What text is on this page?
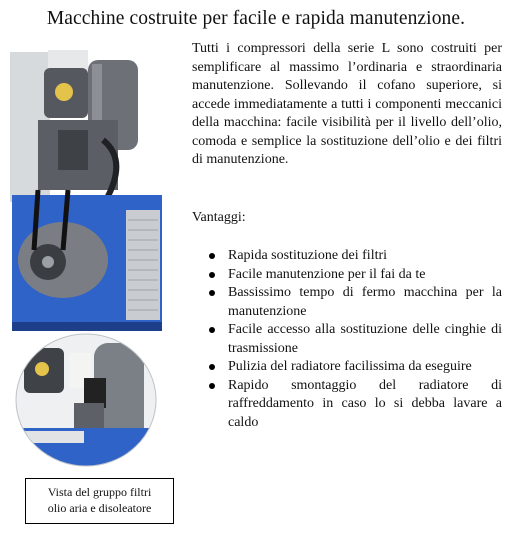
Macchine costruite per facile e rapida manutenzione.
Vista del gruppo filtri
olio aria e disoleatore
Tutti i compressori della serie L sono costruiti per semplificare al massimo l’ordinaria e straordinaria manutenzione. Sollevando il cofano superiore, si accede immediatamente a tutti i componenti meccanici della macchina: facile visibilità per il livello dell’olio, comoda e semplice la sostituzione dell’olio e dei filtri di manutenzione.
Vantaggi:
Rapida sostituzione dei filtri
Facile manutenzione per il fai da te
Bassissimo tempo di fermo macchina per la manutenzione
Facile accesso alla sostituzione delle cinghie di trasmissione
Pulizia del radiatore facilissima da eseguire
Rapido smontaggio del radiatore di raffreddamento in caso lo si debba lavare a caldo
